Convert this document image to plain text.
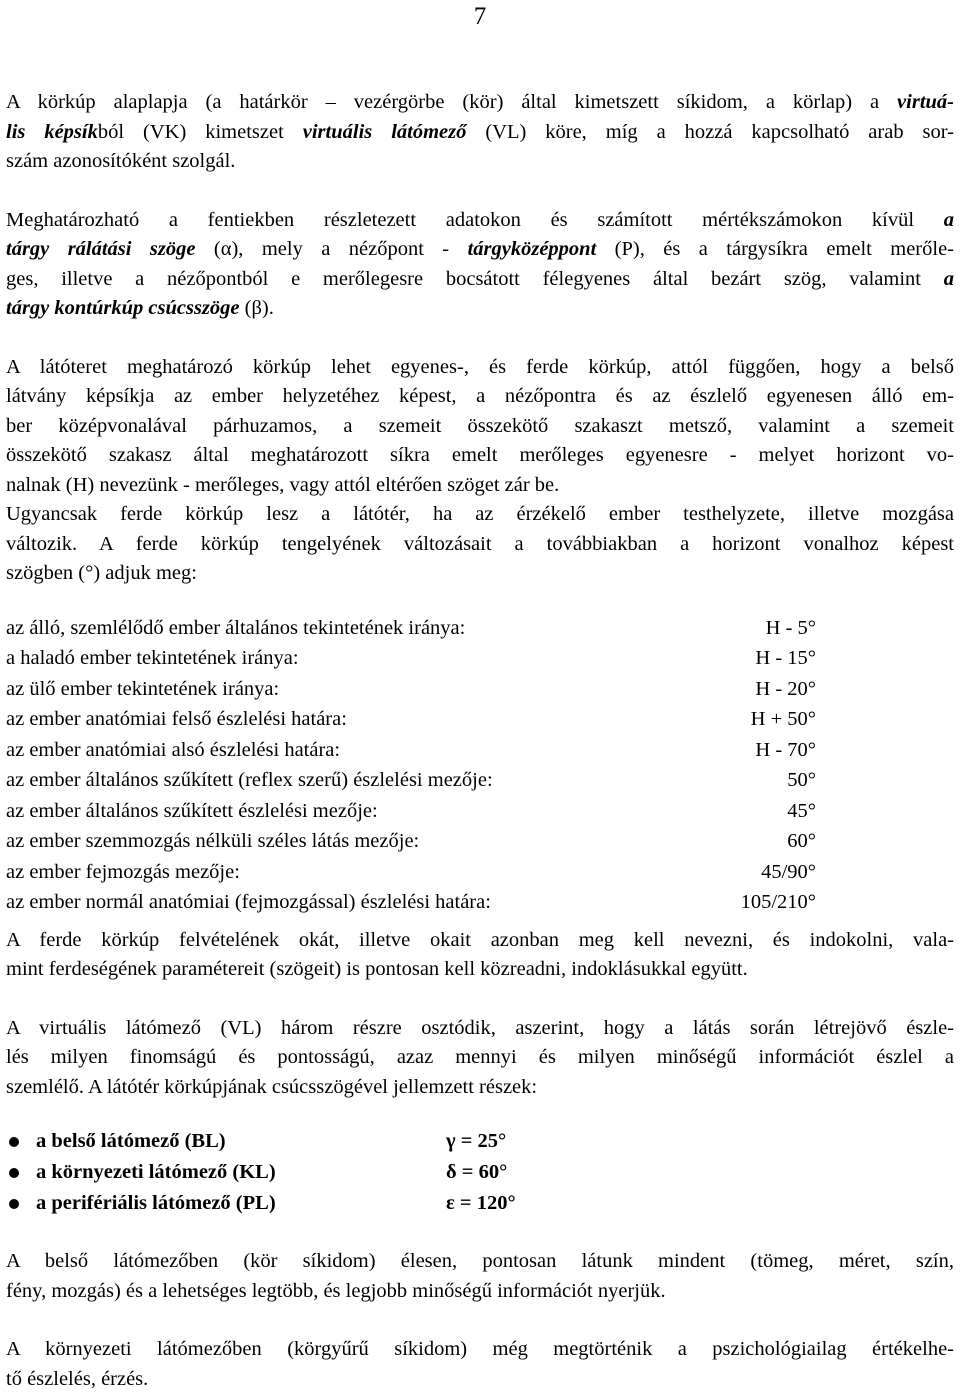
7

A körkúp alaplapja (a határkör – vezérgörbe (kör) által kimetszett síkidom, a körlap) a virtuá-
lis képsíkból (VK) kimetszet virtuális látómező (VL) köre, míg a hozzá kapcsolható arab sor-
szám azonosítóként szolgál.

Meghatározható a fentiekben részletezett adatokon és számított mértékszámokon kívül a
tárgy rálátási szöge (α), mely a nézőpont - tárgyközéppont (P), és a tárgysíkra emelt merőle-
ges, illetve a nézőpontból e merőlegesre bocsátott félegyenes által bezárt szög, valamint a
tárgy kontúrkúp csúcsszöge (β).

A látóteret meghatározó körkúp lehet egyenes-, és ferde körkúp, attól függően, hogy a belső
látvány képsíkja az ember helyzetéhez képest, a nézőpontra és az észlelő egyenesen álló em-
ber középvonalával párhuzamos, a szemeit összekötő szakaszt metsző, valamint a szemeit
összekötő szakasz által meghatározott síkra emelt merőleges egyenesre - melyet horizont vo-
nalnak (H) nevezünk - merőleges, vagy attól eltérően szöget zár be.
Ugyancsak ferde körkúp lesz a látótér, ha az érzékelő ember testhelyzete, illetve mozgása
változik. A ferde körkúp tengelyének változásait a továbbiakban a horizont vonalhoz képest
szögben (°) adjuk meg:

az álló, szemlélődő ember általános tekintetének iránya:	H - 5°
a haladó ember tekintetének iránya:	H - 15°
az ülő ember tekintetének iránya:	H - 20°
az ember anatómiai felső észlelési határa:	H + 50°
az ember anatómiai alsó észlelési határa:	H - 70°
az ember általános szűkített (reflex szerű) észlelési mezője:	50°
az ember általános szűkített észlelési mezője:	45°
az ember szemmozgás nélküli széles látás mezője:	60°
az ember fejmozgás mezője:	45/90°
az ember normál anatómiai (fejmozgással) észlelési határa:	105/210°

A ferde körkúp felvételének okát, illetve okait azonban meg kell nevezni, és indokolni, vala-
mint ferdeségének paramétereit (szögeit) is pontosan kell közreadni, indoklásukkal együtt.

A virtuális látómező (VL) három részre osztódik, aszerint, hogy a látás során létrejövő észle-
lés milyen finomságú és pontosságú, azaz mennyi és milyen minőségű információt észlel a
szemlélő. A látótér körkúpjának csúcsszögével jellemzett részek:

a belső látómező (BL)	γ = 25°
a környezeti látómező (KL)	δ = 60°
a perifériális látómező (PL)	ε = 120°

A belső látómezőben (kör síkidom) élesen, pontosan látunk mindent (tömeg, méret, szín,
fény, mozgás) és a lehetséges legtöbb, és legjobb minőségű információt nyerjük.

A környezeti látómezőben (körgyűrű síkidom) még megtörténik a pszichológiailag értékelhe-
tő észlelés, érzés.
